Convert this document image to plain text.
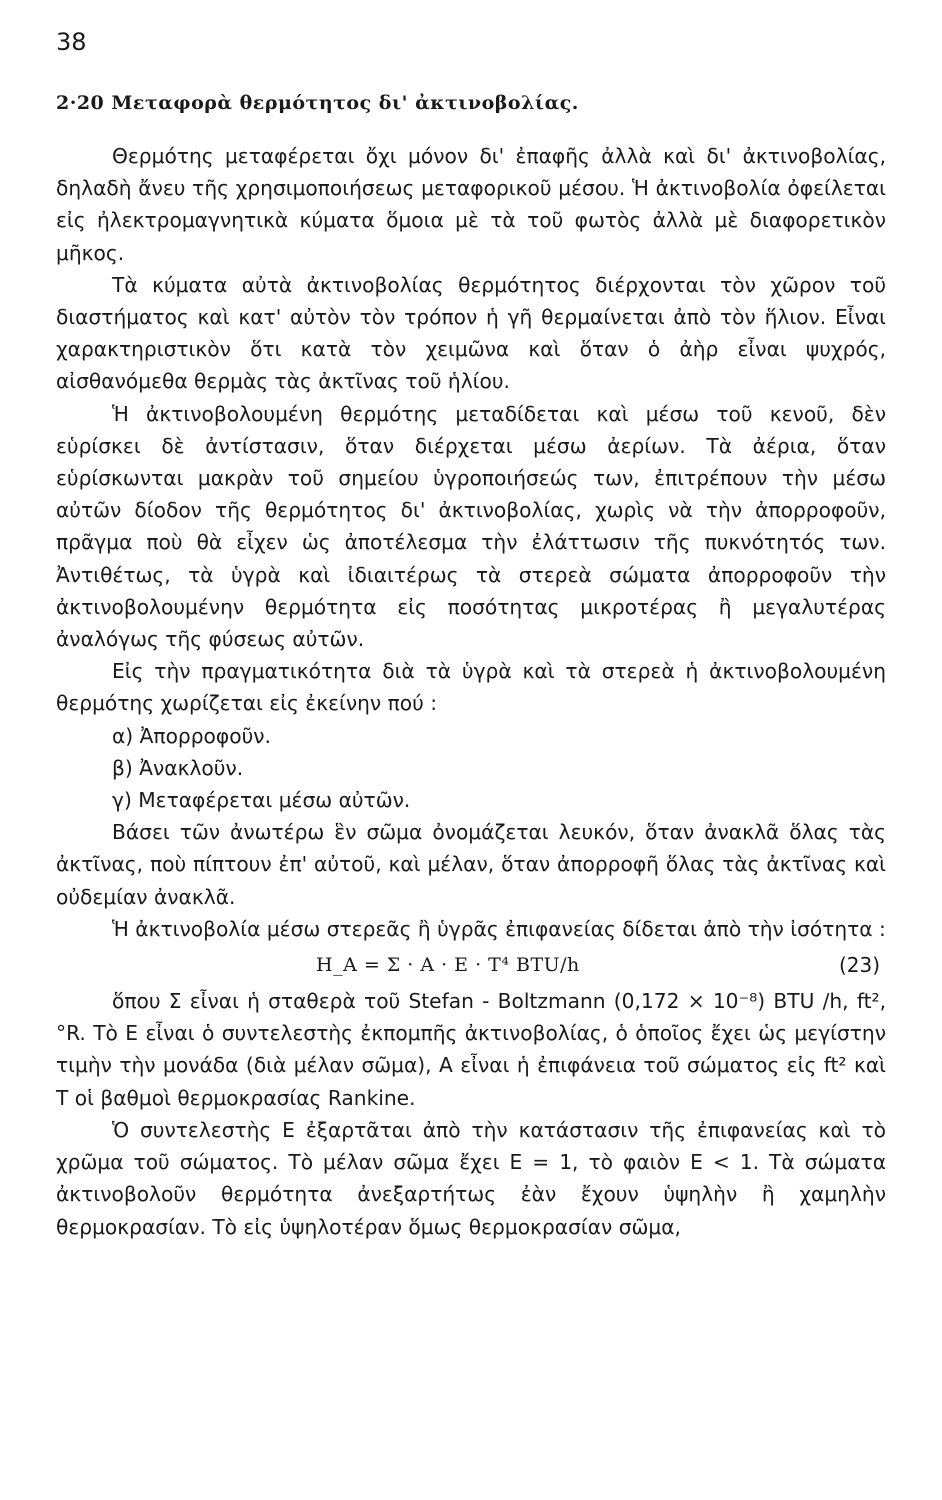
38
2·20 Μεταφορὰ θερμότητος δι' ἀκτινοβολίας.

Θερμότης μεταφέρεται ὄχι μόνον δι' ἐπαφῆς ἀλλὰ καὶ δι' ἀκτινοβολίας, δηλαδὴ ἄνευ τῆς χρησιμοποιήσεως μεταφορικοῦ μέσου. Ἡ ἀκτινοβολία ὀφείλεται εἰς ἠλεκτρομαγνητικὰ κύματα ὅμοια μὲ τὰ τοῦ φωτὸς ἀλλὰ μὲ διαφορετικὸν μῆκος.

Τὰ κύματα αὐτὰ ἀκτινοβολίας θερμότητος διέρχονται τὸν χῶρον τοῦ διαστήματος καὶ κατ' αὐτὸν τὸν τρόπον ἡ γῆ θερμαίνεται ἀπὸ τὸν ἥλιον. Εἶναι χαρακτηριστικὸν ὅτι κατὰ τὸν χειμῶνα καὶ ὅταν ὁ ἀὴρ εἶναι ψυχρός, αἰσθανόμεθα θερμὰς τὰς ἀκτῖνας τοῦ ἡλίου.

Ἡ ἀκτινοβολουμένη θερμότης μεταδίδεται καὶ μέσω τοῦ κενοῦ, δὲν εὑρίσκει δὲ ἀντίστασιν, ὅταν διέρχεται μέσω ἀερίων. Τὰ ἀέρια, ὅταν εὑρίσκωνται μακρὰν τοῦ σημείου ὑγροποιήσεώς των, ἐπιτρέπουν τὴν μέσω αὐτῶν δίοδον τῆς θερμότητος δι' ἀκτινοβολίας, χωρὶς νὰ τὴν ἀπορροφοῦν, πρᾶγμα ποὺ θὰ εἶχεν ὡς ἀποτέλεσμα τὴν ἐλάττωσιν τῆς πυκνότητός των. Ἀντιθέτως, τὰ ὑγρὰ καὶ ἰδιαιτέρως τὰ στερεὰ σώματα ἀπορροφοῦν τὴν ἀκτινοβολουμένην θερμότητα εἰς ποσότητας μικροτέρας ἢ μεγαλυτέρας ἀναλόγως τῆς φύσεως αὐτῶν.

Εἰς τὴν πραγματικότητα διὰ τὰ ὑγρὰ καὶ τὰ στερεὰ ἡ ἀκτινοβολουμένη θερμότης χωρίζεται εἰς ἐκείνην πού :

α) Ἀπορροφοῦν.

β) Ἀνακλοῦν.

γ) Μεταφέρεται μέσω αὐτῶν.

Βάσει τῶν ἀνωτέρω ἓν σῶμα ὀνομάζεται λευκόν, ὅταν ἀνακλᾶ ὅλας τὰς ἀκτῖνας, ποὺ πίπτουν ἐπ' αὐτοῦ, καὶ μέλαν, ὅταν ἀπορροφῆ ὅλας τὰς ἀκτῖνας καὶ οὐδεμίαν ἀνακλᾶ.

Ἡ ἀκτινοβολία μέσω στερεᾶς ἢ ὑγρᾶς ἐπιφανείας δίδεται ἀπὸ τὴν ἰσότητα :

H_A = Σ · A · E · T⁴ BTU/h	(23)

ὅπου Σ εἶναι ἡ σταθερὰ τοῦ Stefan - Boltzmann (0,172 × 10⁻⁸) BTU /h, ft², °R. Τὸ E εἶναι ὁ συντελεστὴς ἐκπομπῆς ἀκτινοβολίας, ὁ ὁποῖος ἔχει ὡς μεγίστην τιμὴν τὴν μονάδα (διὰ μέλαν σῶμα), A εἶναι ἡ ἐπιφάνεια τοῦ σώματος εἰς ft² καὶ T οἱ βαθμοὶ θερμοκρασίας Rankine.

Ὁ συντελεστὴς E ἐξαρτᾶται ἀπὸ τὴν κατάστασιν τῆς ἐπιφανείας καὶ τὸ χρῶμα τοῦ σώματος. Τὸ μέλαν σῶμα ἔχει E = 1, τὸ φαιὸν E < 1. Τὰ σώματα ἀκτινοβολοῦν θερμότητα ἀνεξαρτήτως ἐὰν ἔχουν ὑψηλὴν ἢ χαμηλὴν θερμοκρασίαν. Τὸ εἰς ὑψηλοτέραν ὅμως θερμοκρασίαν σῶμα,
